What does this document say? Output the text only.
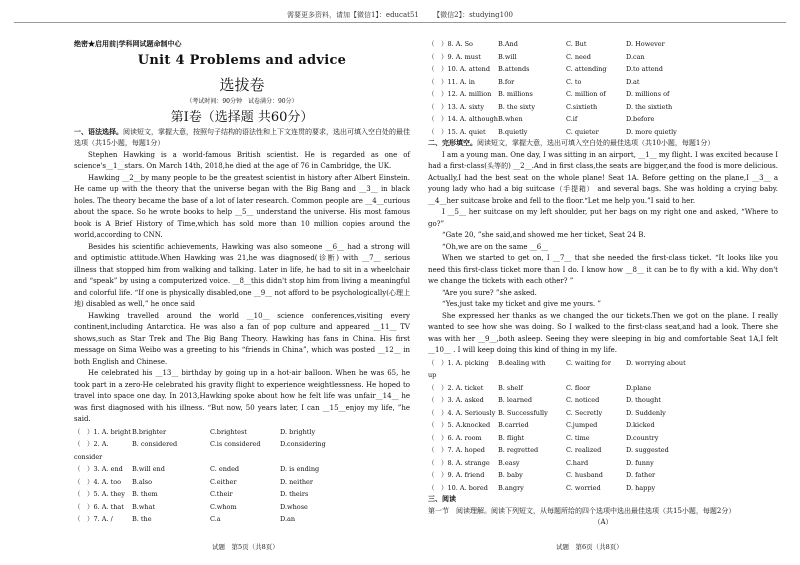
需要更多资料，请加【微信1】：educat51 【微信2】：studying100
绝密★启用前|学科网试题命制中心
Unit 4 Problems and advice
选拔卷
（考试时间：90分钟　试卷满分：90分）
第Ⅰ卷（选择题 共60分）
一、语法选择。阅读短文，掌握大意，按照句子结构的语法性和上下文连贯的要求，选出可填入空白处的最佳选项（共15小题，每题1分）

Stephen Hawking is a world-famous British scientist. He is regarded as one of science's__1__stars. On March 14th, 2018,he died at the age of 76 in Cambridge, the UK.

Hawking __2__by many people to be the greatest scientist in history after Albert Einstein. He came up with the theory that the universe began with the Big Bang and __3__ in black holes. The theory became the base of a lot of later research. Common people are __4__curious about the space. So he wrote books to help __5__ understand the universe. His most famous book is A Brief History of Time,which has sold more than 10 million copies around the world,according to CNN.

Besides his scientific achievements, Hawking was also someone __6__ had a strong will and optimistic attitude.When Hawking was 21,he was diagnosed(诊断) with __7__ serious illness that stopped him from walking and talking. Later in life, he had to sit in a wheelchair and “speak” by using a computerized voice. __8__this didn't stop him from living a meaningful and colorful life. “If one is physically disabled,one __9__ not afford to be psychologically(心理上地) disabled as well,” he once said

Hawking travelled around the world __10__ science conferences,visiting every continent,including Antarctica. He was also a fan of pop culture and appeared __11__ TV shows,such as Star Trek and The Big Bang Theory. Hawking has fans in China. His first message on Sima Weibo was a greeting to his “friends in China”, which was posted __12__ in both English and Chinese.

He celebrated his __13__ birthday by going up in a hot-air balloon. When he was 65, he took part in a zero-He celebrated his gravity flight to experience weightlessness. He hoped to travel into space one day. In 2013,Hawking spoke about how he felt life was unfair__14__ he was first diagnosed with his illness. “But now, 50 years later, I can __15__enjoy my life, ”he said.

（　）1. A. bright B.brighter	C.brightest	D. brightly
（　）2. A. consider
B. considered	C.is considered	D.considering
（　）3. A. end	B.will end	C. ended	D. is ending
（　）4. A. too	B.also	C.either	D. neither
（　）5. A. they	B. them	C.their	D. theirs
（　）6. A. that	B.what	C.whom	D.whose
（　）7. A. /	B. the	C.a	D.an
（　）8. A. So	B.And	C. But	D. However
（　）9. A. must	B.will	C. need	D.can
（　）10. A. attend	B.attends	C. attending	D.to attend
（　）11. A. in	B.for	C. to	D.at
（　）12. A. million	B. millions	C. million of	D. millions of
（　）13. A. sixty	B. the sixty	C.sixtieth	D. the sixtieth
（　）14. A. although B.when	C.if	D.before
（　）15. A. quiet	B.quietly	C. quieter	D. more quietly
二、完形填空。阅读短文，掌握大意，选出可填入空白处的最佳选项（共10小题，每题1分）

I am a young man. One day, I was sitting in an airport, __1__ my flight. I was excited because I had a first-class(头等的) __2__.And in first class,the seats are bigger,and the food is more delicious. Actually,I had the best seat on the whole plane! Seat 1A. Before getting on the plane,I __3__ a young lady who had a big suitcase（手提箱） and several bags. She was holding a crying baby. __4__her suitcase broke and fell to the floor.“Let me help you.”I said to her.

I __5__ her suitcase on my left shoulder, put her bags on my right one and asked, “Where to go?”

“Gate 20, ”she said,and showed me her ticket, Seat 24 B.

“Oh,we are on the same __6__

When we started to get on, I __7__ that she needed the first-class ticket. “It looks like you need this first-class ticket more than I do. I know how __8__ it can be to fly with a kid. Why don't we change the tickets with each other? ”

“Are you sure? ”she asked.

“Yes,just take my ticket and give me yours. ”

She expressed her thanks as we changed the our tickets.Then we got on the plane. I really wanted to see how she was doing. So I walked to the first-class seat,and had a look. There she was with her __9__,both asleep. Seeing they were sleeping in big and comfortable Seat 1A,I felt __10__ . I will keep doing this kind of thing in my life.

（　）1. A. picking up
B.dealing with	C. waiting for	D. worrying about
（　）2. A. ticket	B. shelf	C. floor	D.plane
（　）3. A. asked	B. learned	C. noticed	D. thought
（　）4. A. Seriously B. Successfully	C. Secretly	D. Suddenly
（　）5. A.knocked	B.carried	C.jumped	D.kicked
（　）6. A. room	B. flight	C. time	D.country
（　）7. A. hoped	B. regretted	C. realized	D. suggested
（　）8. A. strange	B.easy	C.hard	D. funny
（　）9. A. friend	B. baby	C. husband	D. father
（　）10. A. bored	B.angry	C. worried	D. happy
三、阅读
第一节　阅读理解。阅读下列短文，从每题所给的四个选项中选出最佳选项（共15小题，每题2分）
（A）
试题　第5页（共8页）	试题　第6页（共8页）
